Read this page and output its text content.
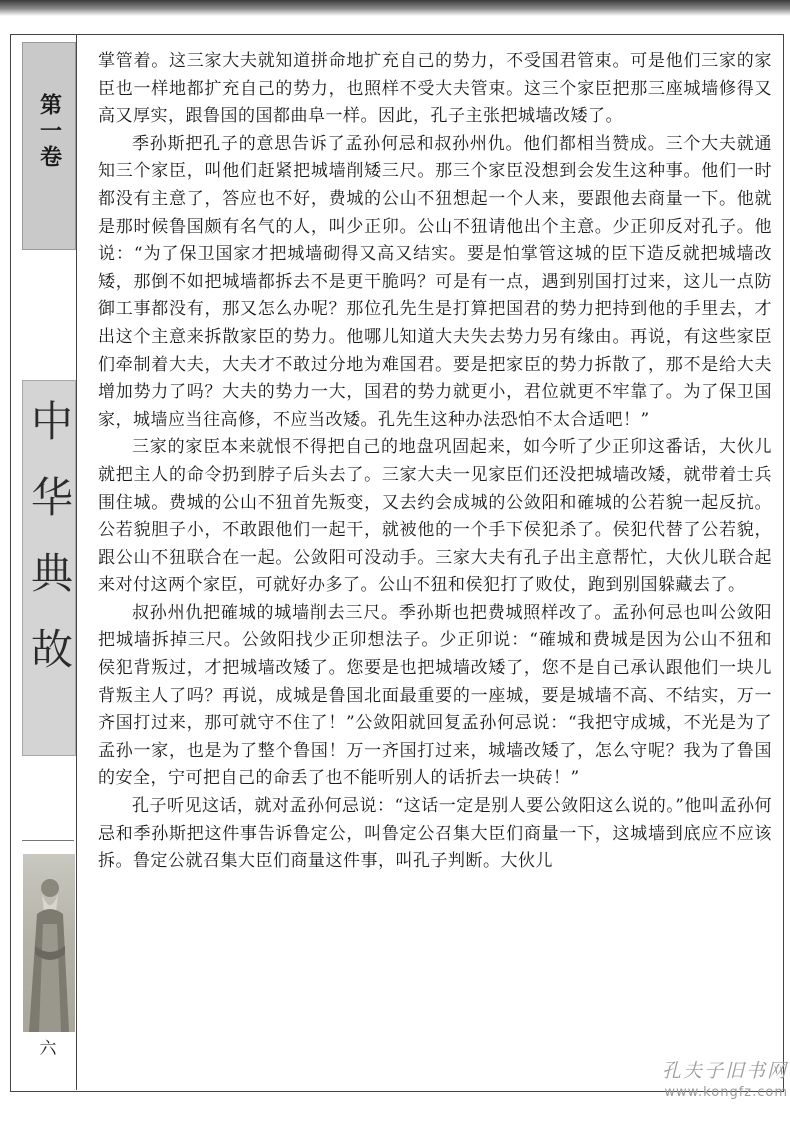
第一卷
中华典故
六

掌管着。这三家大夫就知道拼命地扩充自己的势力，不受国君管束。可是他们三家的家臣也一样地都扩充自己的势力，也照样不受大夫管束。这三个家臣把那三座城墙修得又高又厚实，跟鲁国的国都曲阜一样。因此，孔子主张把城墙改矮了。

季孙斯把孔子的意思告诉了孟孙何忌和叔孙州仇。他们都相当赞成。三个大夫就通知三个家臣，叫他们赶紧把城墙削矮三尺。那三个家臣没想到会发生这种事。他们一时都没有主意了，答应也不好，费城的公山不狃想起一个人来，要跟他去商量一下。他就是那时候鲁国颇有名气的人，叫少正卯。公山不狃请他出个主意。少正卯反对孔子。他说：“为了保卫国家才把城墙砌得又高又结实。要是怕掌管这城的臣下造反就把城墙改矮，那倒不如把城墙都拆去不是更干脆吗？可是有一点，遇到别国打过来，这儿一点防御工事都没有，那又怎么办呢？那位孔先生是打算把国君的势力把持到他的手里去，才出这个主意来拆散家臣的势力。他哪儿知道大夫失去势力另有缘由。再说，有这些家臣们牵制着大夫，大夫才不敢过分地为难国君。要是把家臣的势力拆散了，那不是给大夫增加势力了吗？大夫的势力一大，国君的势力就更小，君位就更不牢靠了。为了保卫国家，城墙应当往高修，不应当改矮。孔先生这种办法恐怕不太合适吧！”

三家的家臣本来就恨不得把自己的地盘巩固起来，如今听了少正卯这番话，大伙儿就把主人的命令扔到脖子后头去了。三家大夫一见家臣们还没把城墙改矮，就带着士兵围住城。费城的公山不狃首先叛变，又去约会成城的公敛阳和確城的公若貌一起反抗。公若貌胆子小，不敢跟他们一起干，就被他的一个手下侯犯杀了。侯犯代替了公若貌，跟公山不狃联合在一起。公敛阳可没动手。三家大夫有孔子出主意帮忙，大伙儿联合起来对付这两个家臣，可就好办多了。公山不狃和侯犯打了败仗，跑到别国躲藏去了。

叔孙州仇把確城的城墙削去三尺。季孙斯也把费城照样改了。孟孙何忌也叫公敛阳把城墙拆掉三尺。公敛阳找少正卯想法子。少正卯说：“確城和费城是因为公山不狃和侯犯背叛过，才把城墙改矮了。您要是也把城墙改矮了，您不是自己承认跟他们一块儿背叛主人了吗？再说，成城是鲁国北面最重要的一座城，要是城墙不高、不结实，万一齐国打过来，那可就守不住了！”公敛阳就回复孟孙何忌说：“我把守成城，不光是为了孟孙一家，也是为了整个鲁国！万一齐国打过来，城墙改矮了，怎么守呢？我为了鲁国的安全，宁可把自己的命丢了也不能听别人的话折去一块砖！”

孔子听见这话，就对孟孙何忌说：“这话一定是别人要公敛阳这么说的。”他叫孟孙何忌和季孙斯把这件事告诉鲁定公，叫鲁定公召集大臣们商量一下，这城墙到底应不应该拆。鲁定公就召集大臣们商量这件事，叫孔子判断。大伙儿

孔夫子旧书网
www.kongfz.com
